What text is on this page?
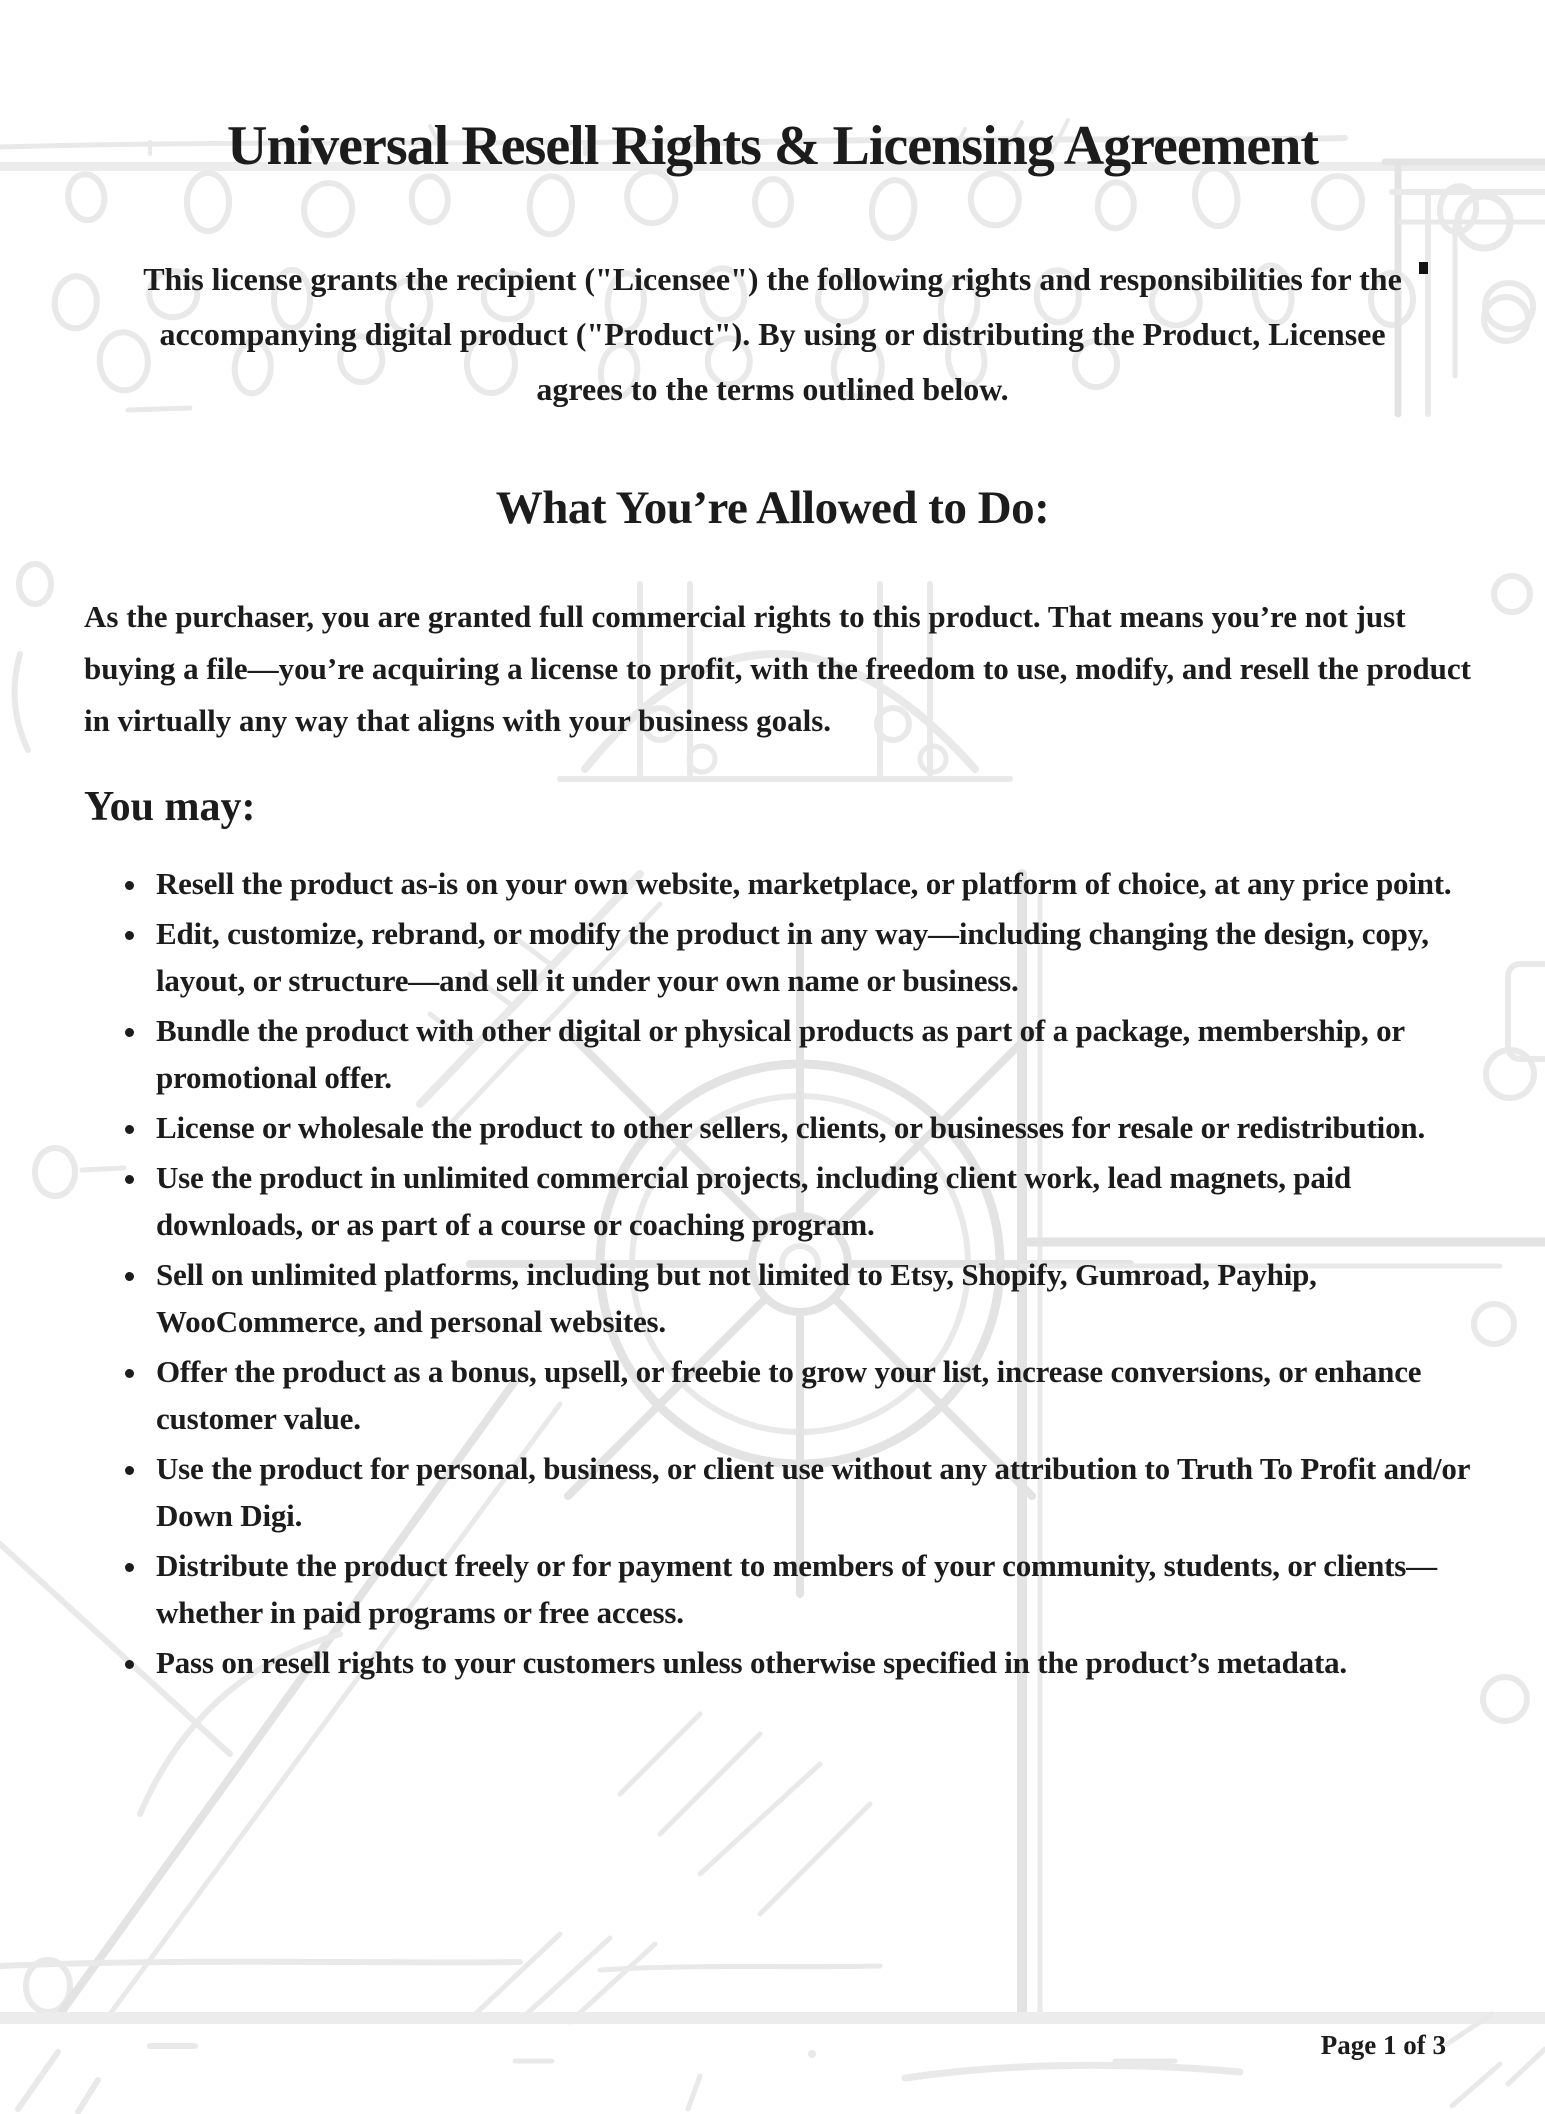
Universal Resell Rights & Licensing Agreement

This license grants the recipient ("Licensee") the following rights and responsibilities for the accompanying digital product ("Product"). By using or distributing the Product, Licensee agrees to the terms outlined below.

What You’re Allowed to Do:

As the purchaser, you are granted full commercial rights to this product. That means you’re not just buying a file—you’re acquiring a license to profit, with the freedom to use, modify, and resell the product in virtually any way that aligns with your business goals.

You may:
• Resell the product as-is on your own website, marketplace, or platform of choice, at any price point.
• Edit, customize, rebrand, or modify the product in any way—including changing the design, copy, layout, or structure—and sell it under your own name or business.
• Bundle the product with other digital or physical products as part of a package, membership, or promotional offer.
• License or wholesale the product to other sellers, clients, or businesses for resale or redistribution.
• Use the product in unlimited commercial projects, including client work, lead magnets, paid downloads, or as part of a course or coaching program.
• Sell on unlimited platforms, including but not limited to Etsy, Shopify, Gumroad, Payhip, WooCommerce, and personal websites.
• Offer the product as a bonus, upsell, or freebie to grow your list, increase conversions, or enhance customer value.
• Use the product for personal, business, or client use without any attribution to Truth To Profit and/or Down Digi.
• Distribute the product freely or for payment to members of your community, students, or clients—whether in paid programs or free access.
• Pass on resell rights to your customers unless otherwise specified in the product’s metadata.
Page 1 of 3
